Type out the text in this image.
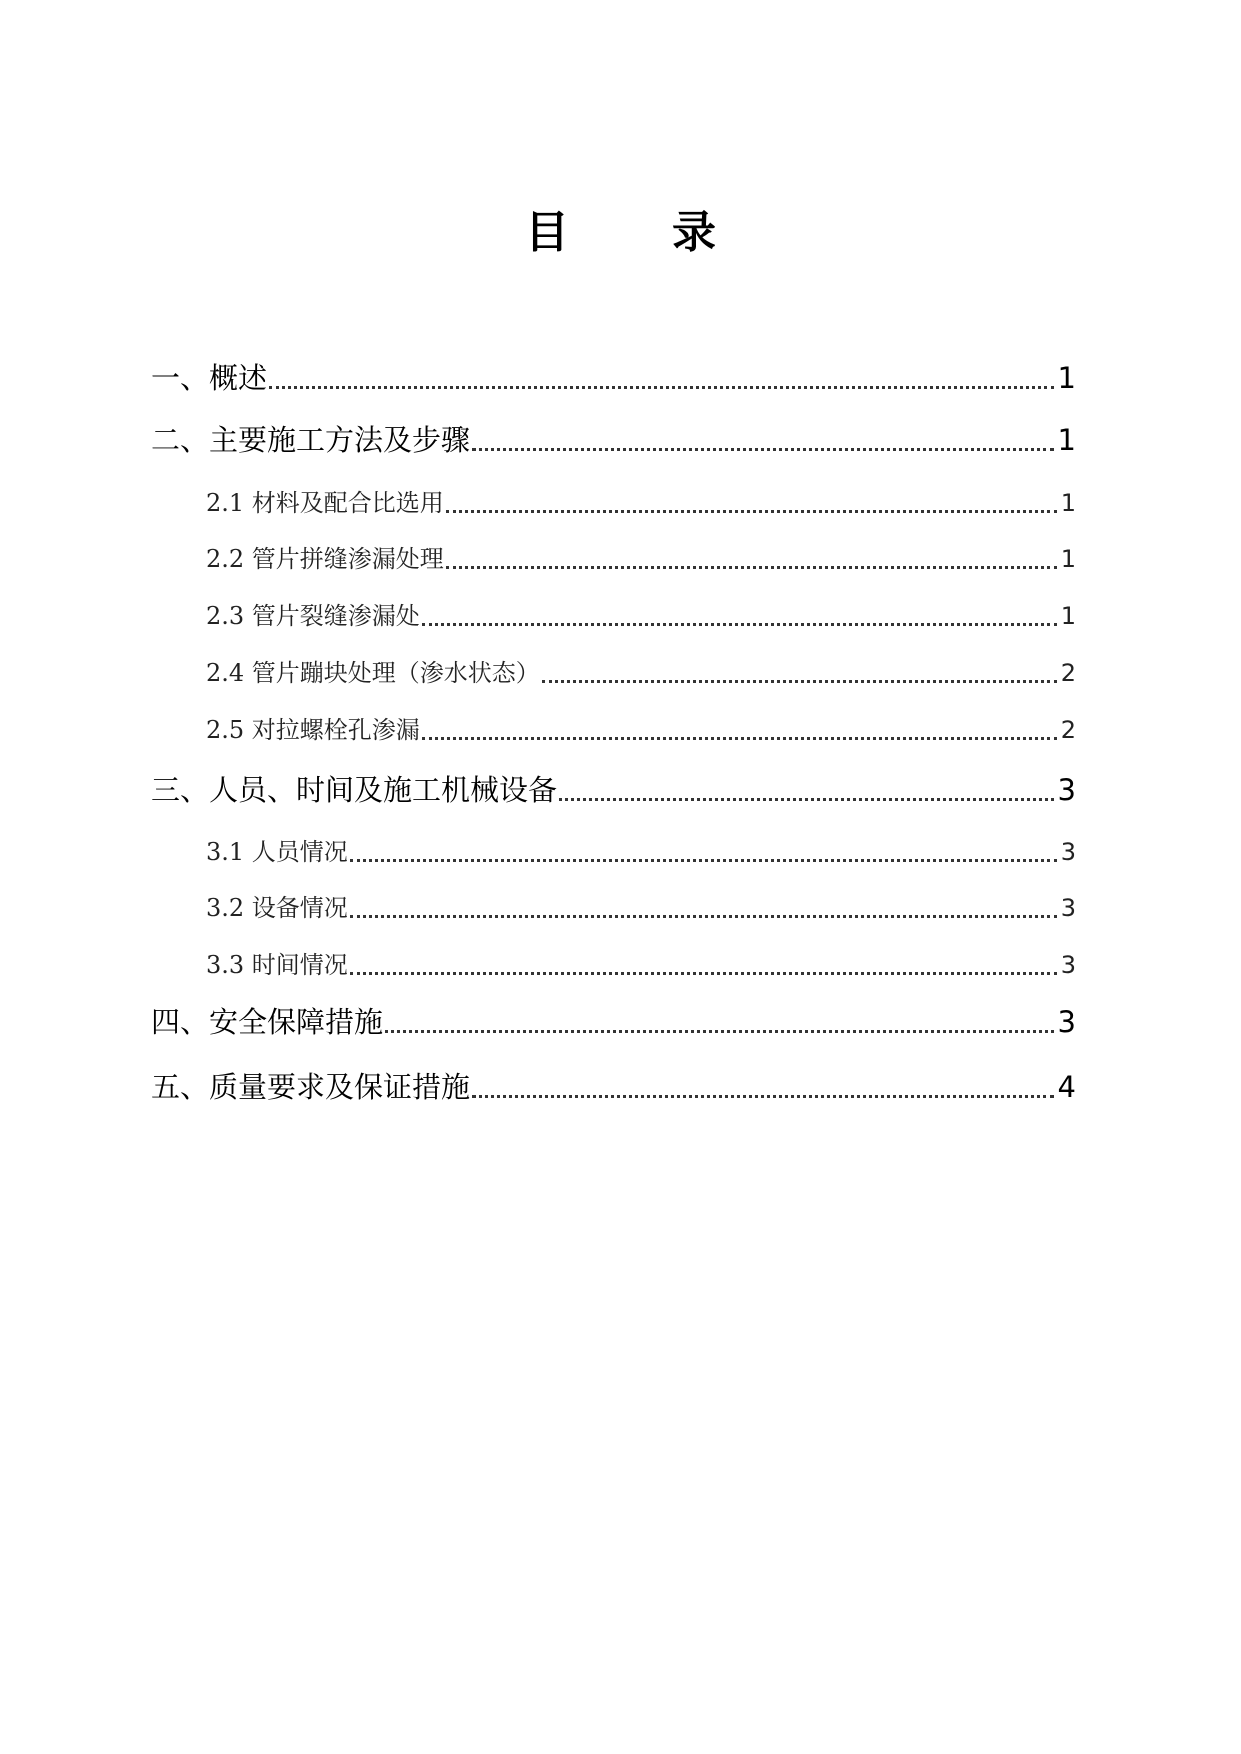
目 录
一、概述	1
二、主要施工方法及步骤	1
2.1 材料及配合比选用	1
2.2 管片拼缝渗漏处理	1
2.3 管片裂缝渗漏处	1
2.4 管片蹦块处理（渗水状态）	2
2.5 对拉螺栓孔渗漏	2
三、人员、时间及施工机械设备	3
3.1 人员情况	3
3.2 设备情况	3
3.3 时间情况	3
四、安全保障措施	3
五、质量要求及保证措施	4
